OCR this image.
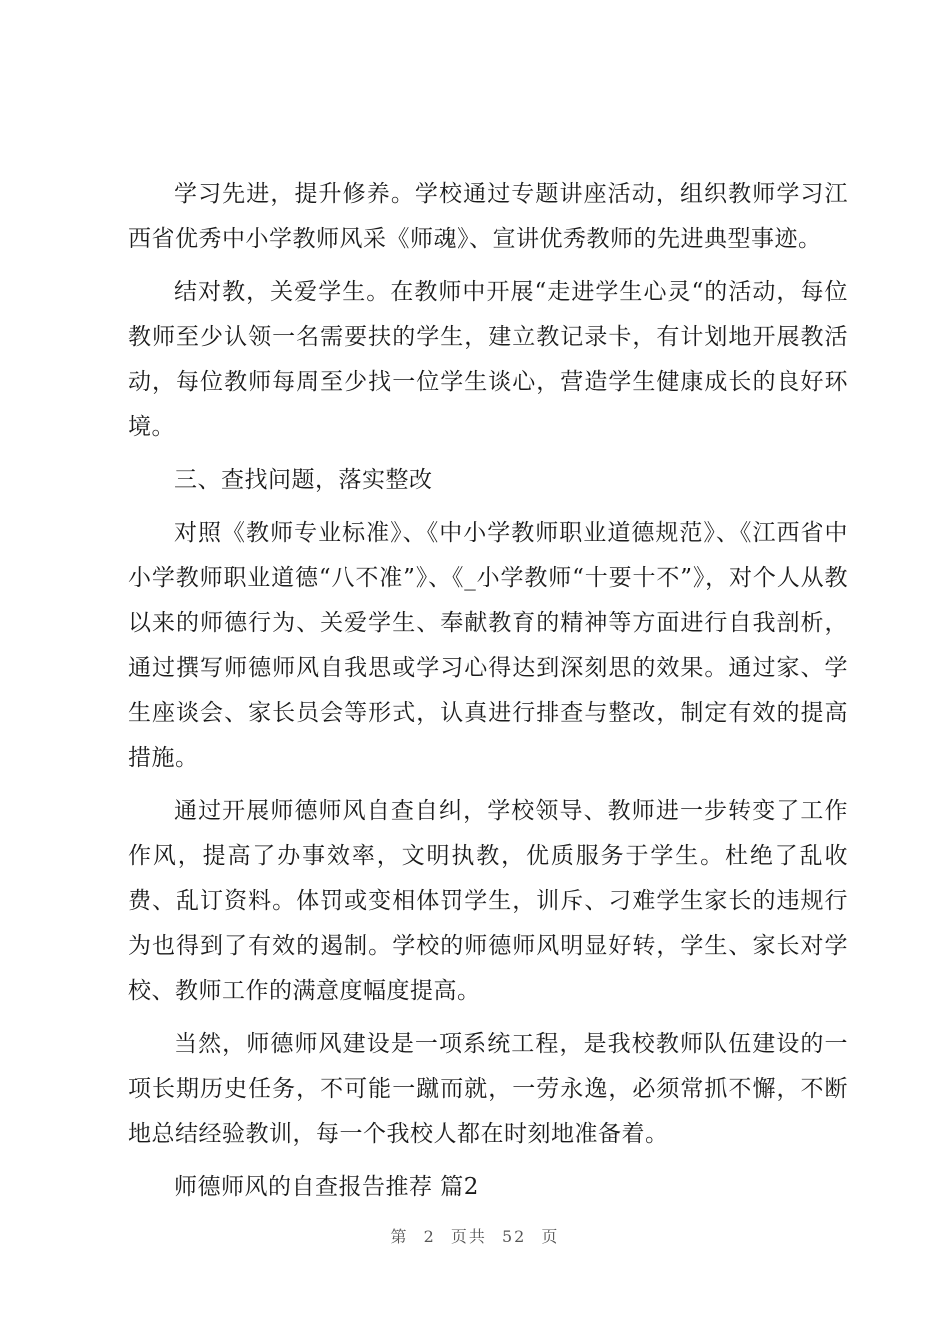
学习先进，提升修养。学校通过专题讲座活动，组织教师学习江西省优秀中小学教师风采《师魂》、宣讲优秀教师的先进典型事迹。

结对教，关爱学生。在教师中开展“走进学生心灵“的活动，每位教师至少认领一名需要扶的学生，建立教记录卡，有计划地开展教活动，每位教师每周至少找一位学生谈心，营造学生健康成长的良好环境。

三、查找问题，落实整改

对照《教师专业标准》、《中小学教师职业道德规范》、《江西省中小学教师职业道德“八不准”》、《_小学教师“十要十不”》，对个人从教以来的师德行为、关爱学生、奉献教育的精神等方面进行自我剖析，通过撰写师德师风自我思或学习心得达到深刻思的效果。通过家、学生座谈会、家长员会等形式，认真进行排查与整改，制定有效的提高措施。

通过开展师德师风自查自纠，学校领导、教师进一步转变了工作作风，提高了办事效率，文明执教，优质服务于学生。杜绝了乱收费、乱订资料。体罚或变相体罚学生，训斥、刁难学生家长的违规行为也得到了有效的遏制。学校的师德师风明显好转，学生、家长对学校、教师工作的满意度幅度提高。

当然，师德师风建设是一项系统工程，是我校教师队伍建设的一项长期历史任务，不可能一蹴而就，一劳永逸，必须常抓不懈，不断地总结经验教训，每一个我校人都在时刻地准备着。

师德师风的自查报告推荐 篇2

第 2 页共 52 页
